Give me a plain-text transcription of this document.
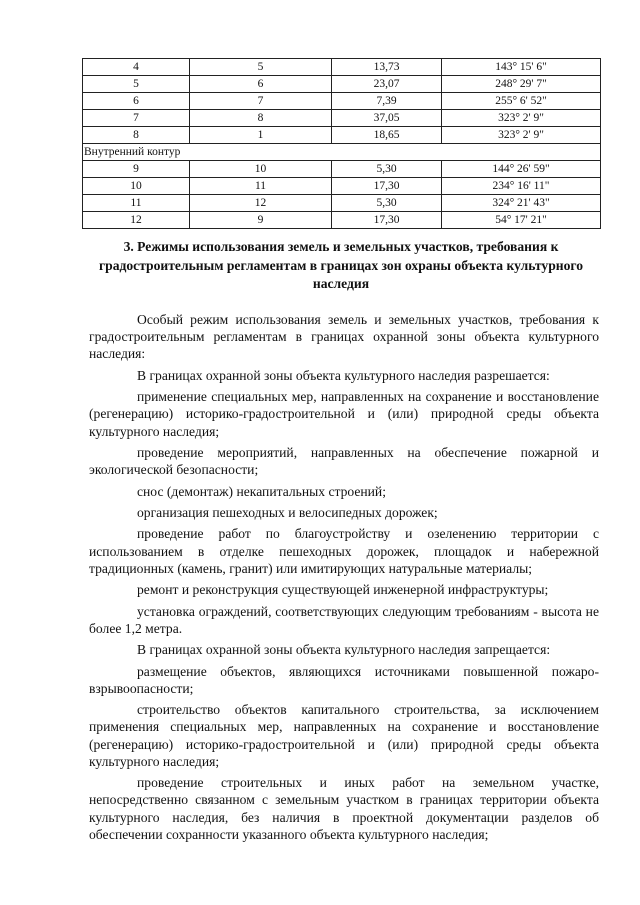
4	5	13,73	143° 15' 6"
5	6	23,07	248° 29' 7"
6	7	7,39	255° 6' 52"
7	8	37,05	323° 2' 9"
8	1	18,65	323° 2' 9"
Внутренний контур			
9	10	5,30	144° 26' 59"
10	11	17,30	234° 16' 11"
11	12	5,30	324° 21' 43"
12	9	17,30	54° 17' 21"
3. Режимы использования земель и земельных участков, требования к градостроительным регламентам в границах зон охраны объекта культурного наследия

Особый режим использования земель и земельных участков, требования к градостроительным регламентам в границах охранной зоны объекта культурного наследия:

В границах охранной зоны объекта культурного наследия разрешается:

применение специальных мер, направленных на сохранение и восстановление (регенерацию) историко-градостроительной и (или) природной среды объекта культурного наследия;

проведение мероприятий, направленных на обеспечение пожарной и экологической безопасности;

снос (демонтаж) некапитальных строений;

организация пешеходных и велосипедных дорожек;

проведение работ по благоустройству и озеленению территории с использованием в отделке пешеходных дорожек, площадок и набережной традиционных (камень, гранит) или имитирующих натуральные материалы;

ремонт и реконструкция существующей инженерной инфраструктуры;

установка ограждений, соответствующих следующим требованиям - высота не более 1,2 метра.

В границах охранной зоны объекта культурного наследия запрещается:

размещение объектов, являющихся источниками повышенной пожаро-взрывоопасности;

строительство объектов капитального строительства, за исключением применения специальных мер, направленных на сохранение и восстановление (регенерацию) историко-градостроительной и (или) природной среды объекта культурного наследия;

проведение строительных и иных работ на земельном участке, непосредственно связанном с земельным участком в границах территории объекта культурного наследия, без наличия в проектной документации разделов об обеспечении сохранности указанного объекта культурного наследия;
